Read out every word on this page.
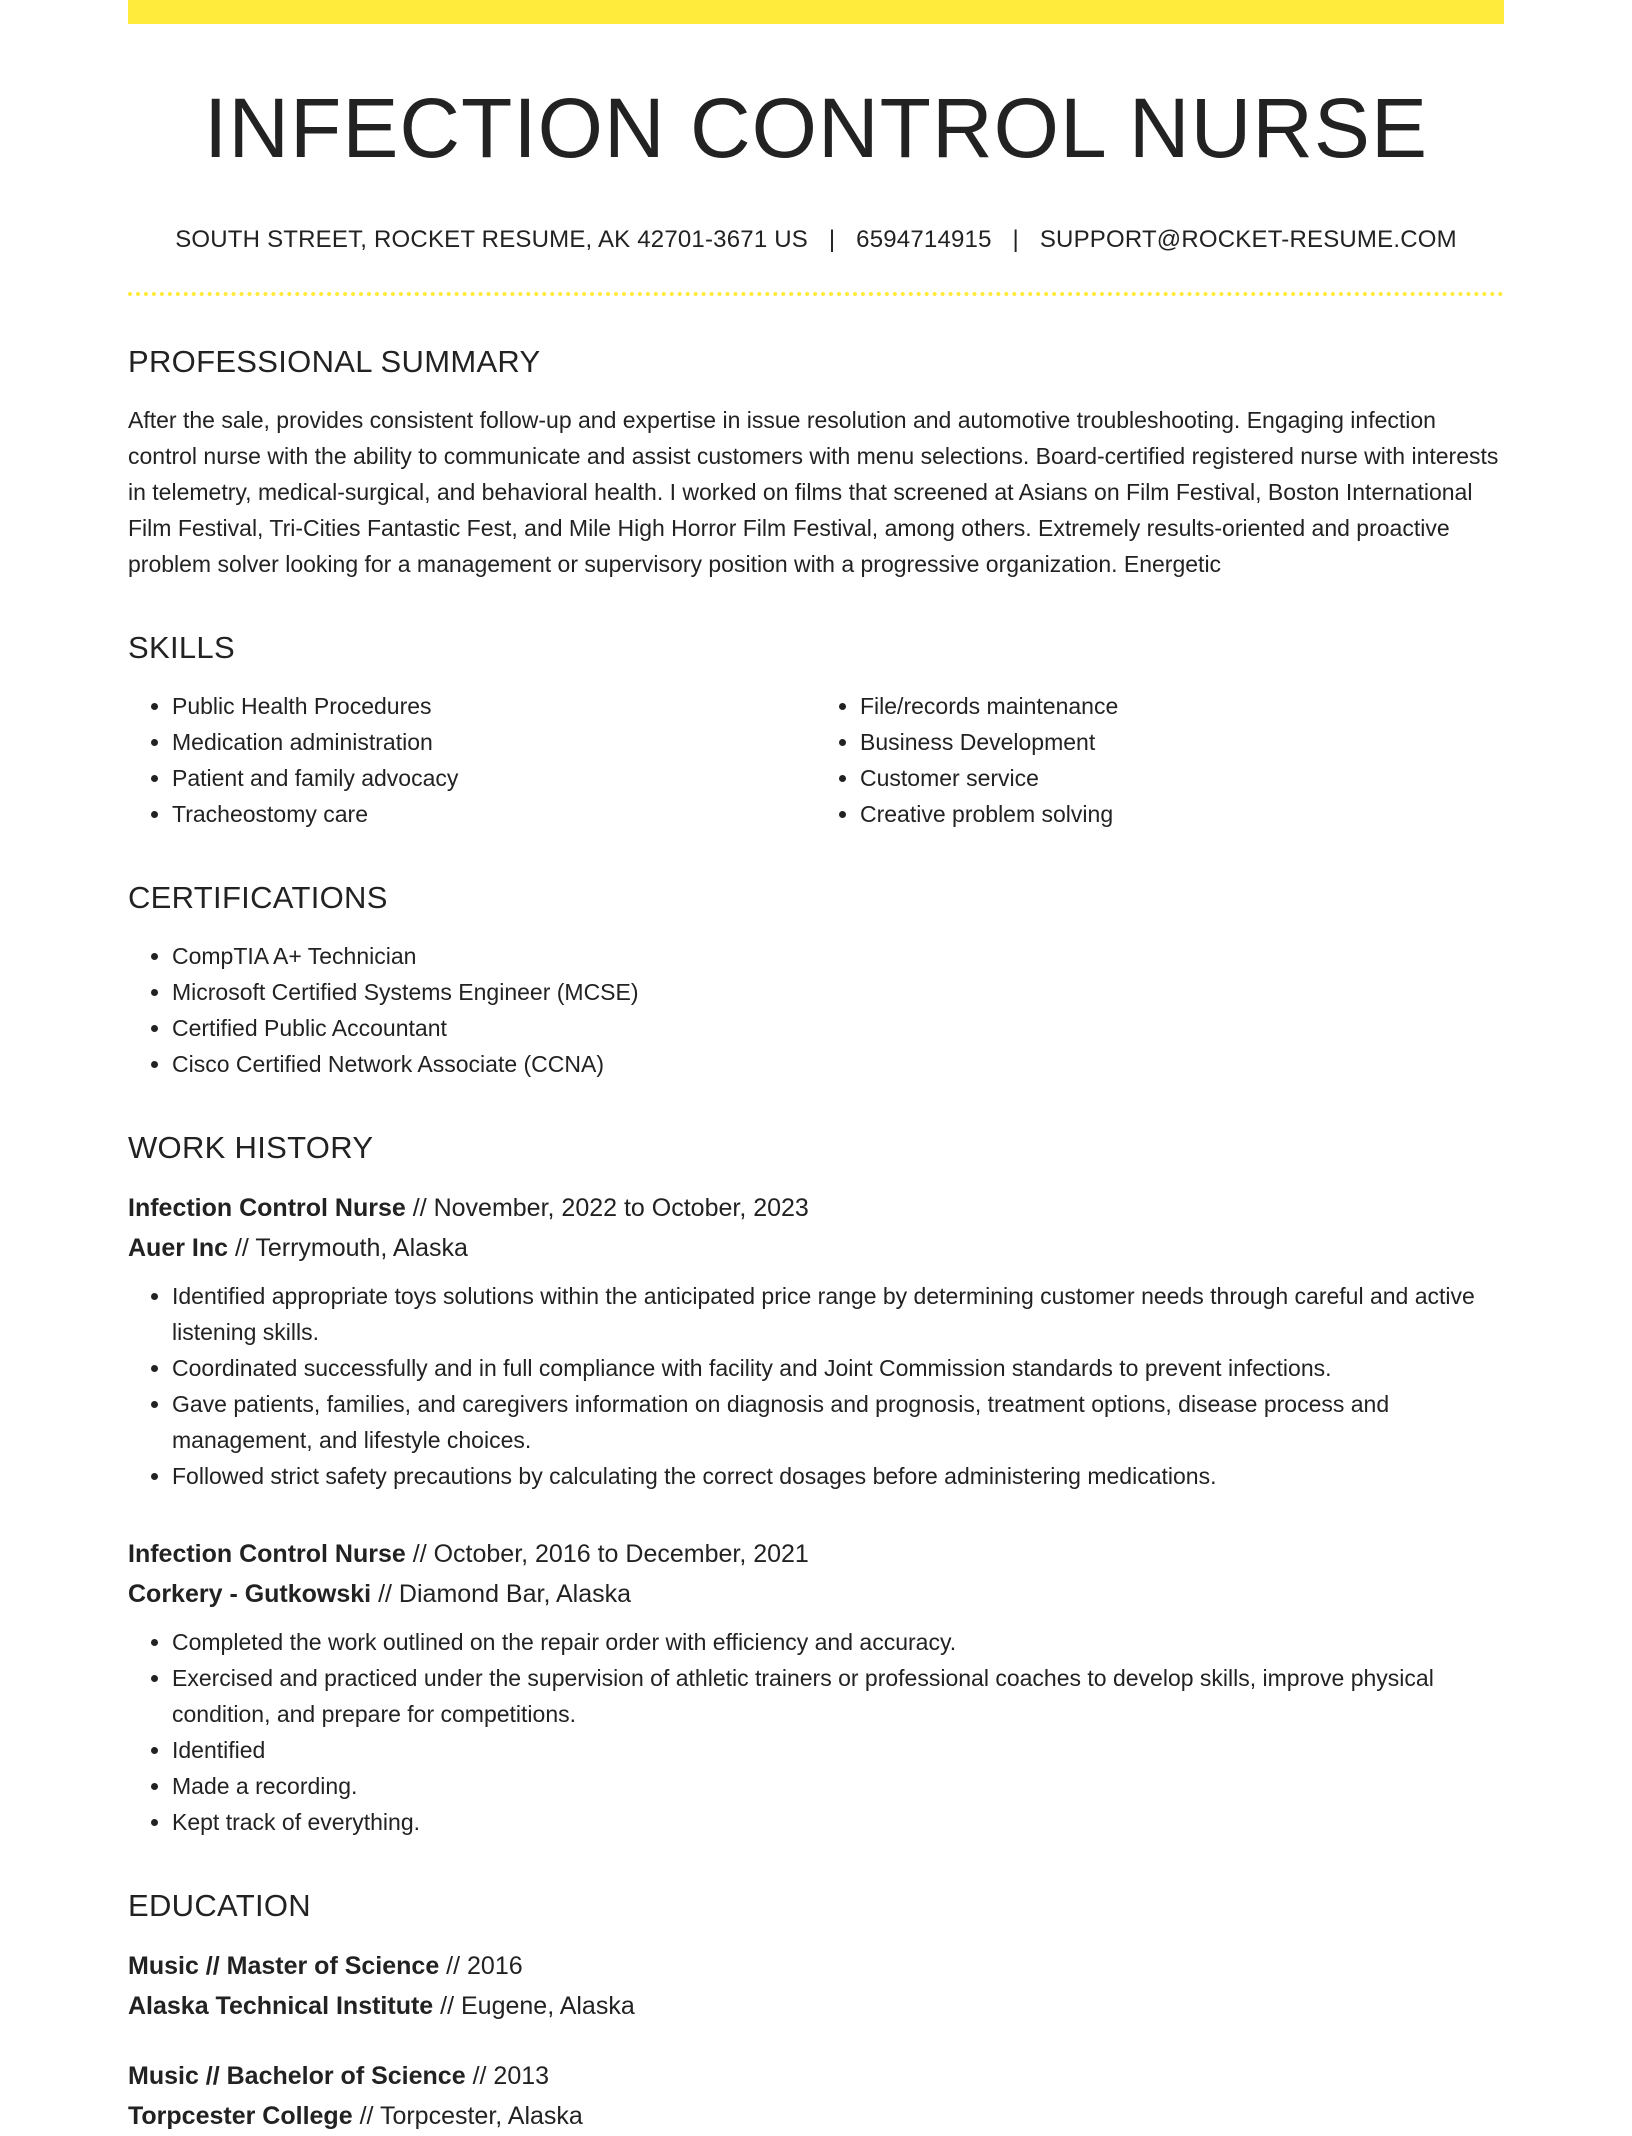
INFECTION CONTROL NURSE
SOUTH STREET, ROCKET RESUME, AK 42701-3671 US | 6594714915 | SUPPORT@ROCKET-RESUME.COM
PROFESSIONAL SUMMARY

After the sale, provides consistent follow-up and expertise in issue resolution and automotive troubleshooting. Engaging infection control nurse with the ability to communicate and assist customers with menu selections. Board-certified registered nurse with interests in telemetry, medical-surgical, and behavioral health. I worked on films that screened at Asians on Film Festival, Boston International Film Festival, Tri-Cities Fantastic Fest, and Mile High Horror Film Festival, among others. Extremely results-oriented and proactive problem solver looking for a management or supervisory position with a progressive organization. Energetic

SKILLS
• Public Health Procedures
• Medication administration
• Patient and family advocacy
• Tracheostomy care
• File/records maintenance
• Business Development
• Customer service
• Creative problem solving
CERTIFICATIONS
• CompTIA A+ Technician
• Microsoft Certified Systems Engineer (MCSE)
• Certified Public Accountant
• Cisco Certified Network Associate (CCNA)
WORK HISTORY
Infection Control Nurse // November, 2022 to October, 2023
Auer Inc // Terrymouth, Alaska
• Identified appropriate toys solutions within the anticipated price range by determining customer needs through careful and active listening skills.
• Coordinated successfully and in full compliance with facility and Joint Commission standards to prevent infections.
• Gave patients, families, and caregivers information on diagnosis and prognosis, treatment options, disease process and management, and lifestyle choices.
• Followed strict safety precautions by calculating the correct dosages before administering medications.
Infection Control Nurse // October, 2016 to December, 2021
Corkery - Gutkowski // Diamond Bar, Alaska
• Completed the work outlined on the repair order with efficiency and accuracy.
• Exercised and practiced under the supervision of athletic trainers or professional coaches to develop skills, improve physical condition, and prepare for competitions.
• Identified
• Made a recording.
• Kept track of everything.
EDUCATION
Music // Master of Science // 2016
Alaska Technical Institute // Eugene, Alaska
Music // Bachelor of Science // 2013
Torpcester College // Torpcester, Alaska
